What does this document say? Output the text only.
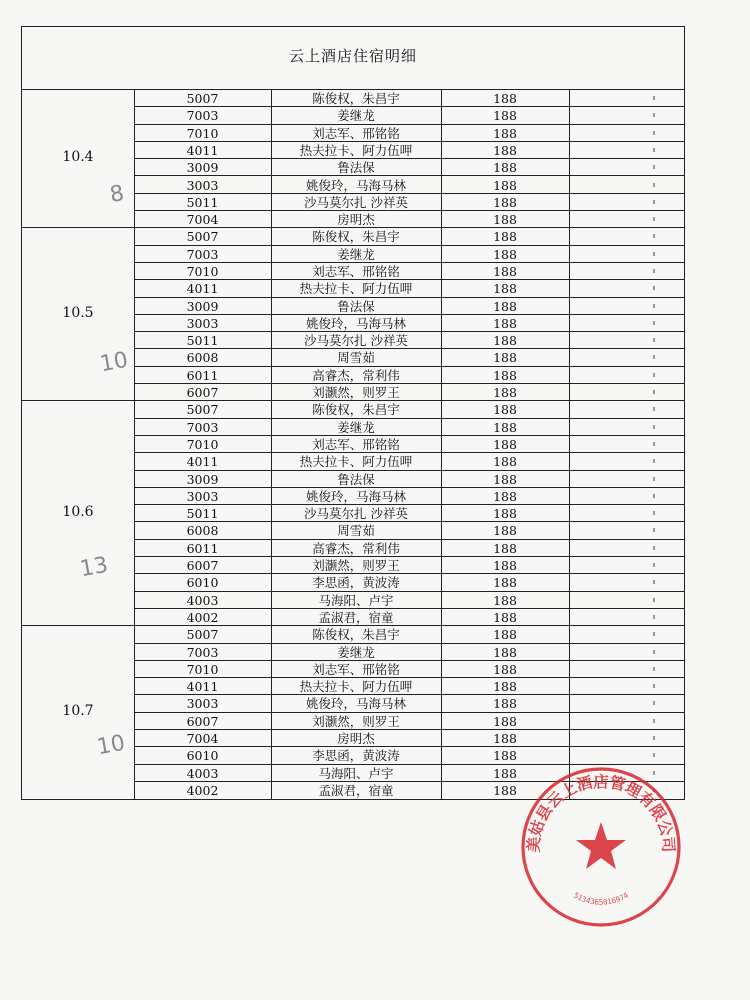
云上酒店住宿明细
10.4
5007	陈俊权，朱昌宇	188
7003	姜继龙	188
7010	刘志军、邢铭铭	188
4011	热夫拉卡、阿力伍呷	188
3009	鲁法保	188
3003	姚俊玲，马海马林	188
5011	沙马莫尔扎 沙祥英	188
7004	房明杰	188
10.5
5007	陈俊权，朱昌宇	188
7003	姜继龙	188
7010	刘志军、邢铭铭	188
4011	热夫拉卡、阿力伍呷	188
3009	鲁法保	188
3003	姚俊玲，马海马林	188
5011	沙马莫尔扎 沙祥英	188
6008	周雪茹	188
6011	高睿杰，常利伟	188
6007	刘灏然，则罗王	188
10.6
5007	陈俊权，朱昌宇	188
7003	姜继龙	188
7010	刘志军、邢铭铭	188
4011	热夫拉卡、阿力伍呷	188
3009	鲁法保	188
3003	姚俊玲，马海马林	188
5011	沙马莫尔扎 沙祥英	188
6008	周雪茹	188
6011	高睿杰，常利伟	188
6007	刘灏然，则罗王	188
6010	李思函，黄波涛	188
4003	马海阳、卢宇	188
4002	孟淑君，宿童	188
10.7
5007	陈俊权，朱昌宇	188
7003	姜继龙	188
7010	刘志军、邢铭铭	188
4011	热夫拉卡、阿力伍呷	188
3003	姚俊玲，马海马林	188
6007	刘灏然，则罗王	188
7004	房明杰	188
6010	李思函，黄波涛	188
4003	马海阳、卢宇	188
4002	孟淑君，宿童	188
8
10
13
10
美姑县云上酒店管理有限公司
5134365016974
